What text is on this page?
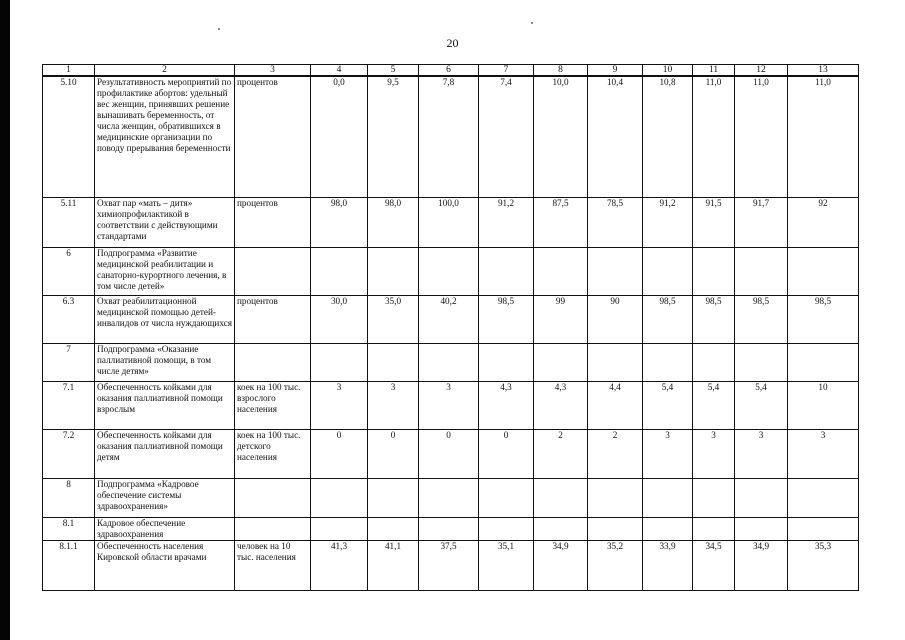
20
1	2	3	4	5	6	7	8	9	10	11	12	13
5.10	Результативность мероприятий по профилактике абортов: удельный вес женщин, принявших решение вынашивать беременность, от числа женщин, обратившихся в медицинские организации по поводу прерывания беременности	процентов	0,0	9,5	7,8	7,4	10,0	10,4	10,8	11,0	11,0	11,0
5.11	Охват пар «мать – дитя» химиопрофилактикой в соответствии с действующими стандартами	процентов	98,0	98,0	100,0	91,2	87,5	78,5	91,2	91,5	91,7	92
6	Подпрограмма «Развитие медицинской реабилитации и санаторно-курортного лечения, в том числе детей»											
6.3	Охват реабилитационной медицинской помощью детей-инвалидов от числа нуждающихся	процентов	30,0	35,0	40,2	98,5	99	90	98,5	98,5	98,5	98,5
7	Подпрограмма «Оказание паллиативной помощи, в том числе детям»											
7.1	Обеспеченность койками для оказания паллиативной помощи взрослым	коек на 100 тыс. взрослого населения	3	3	3	4,3	4,3	4,4	5,4	5,4	5,4	10
7.2	Обеспеченность койками для оказания паллиативной помощи детям	коек на 100 тыс. детского населения	0	0	0	0	2	2	3	3	3	3
8	Подпрограмма «Кадровое обеспечение системы здравоохранения»											
8.1	Кадровое обеспечение здравоохранения											
8.1.1	Обеспеченность населения Кировской области врачами	человек на 10 тыс. населения	41,3	41,1	37,5	35,1	34,9	35,2	33,9	34,5	34,9	35,3
